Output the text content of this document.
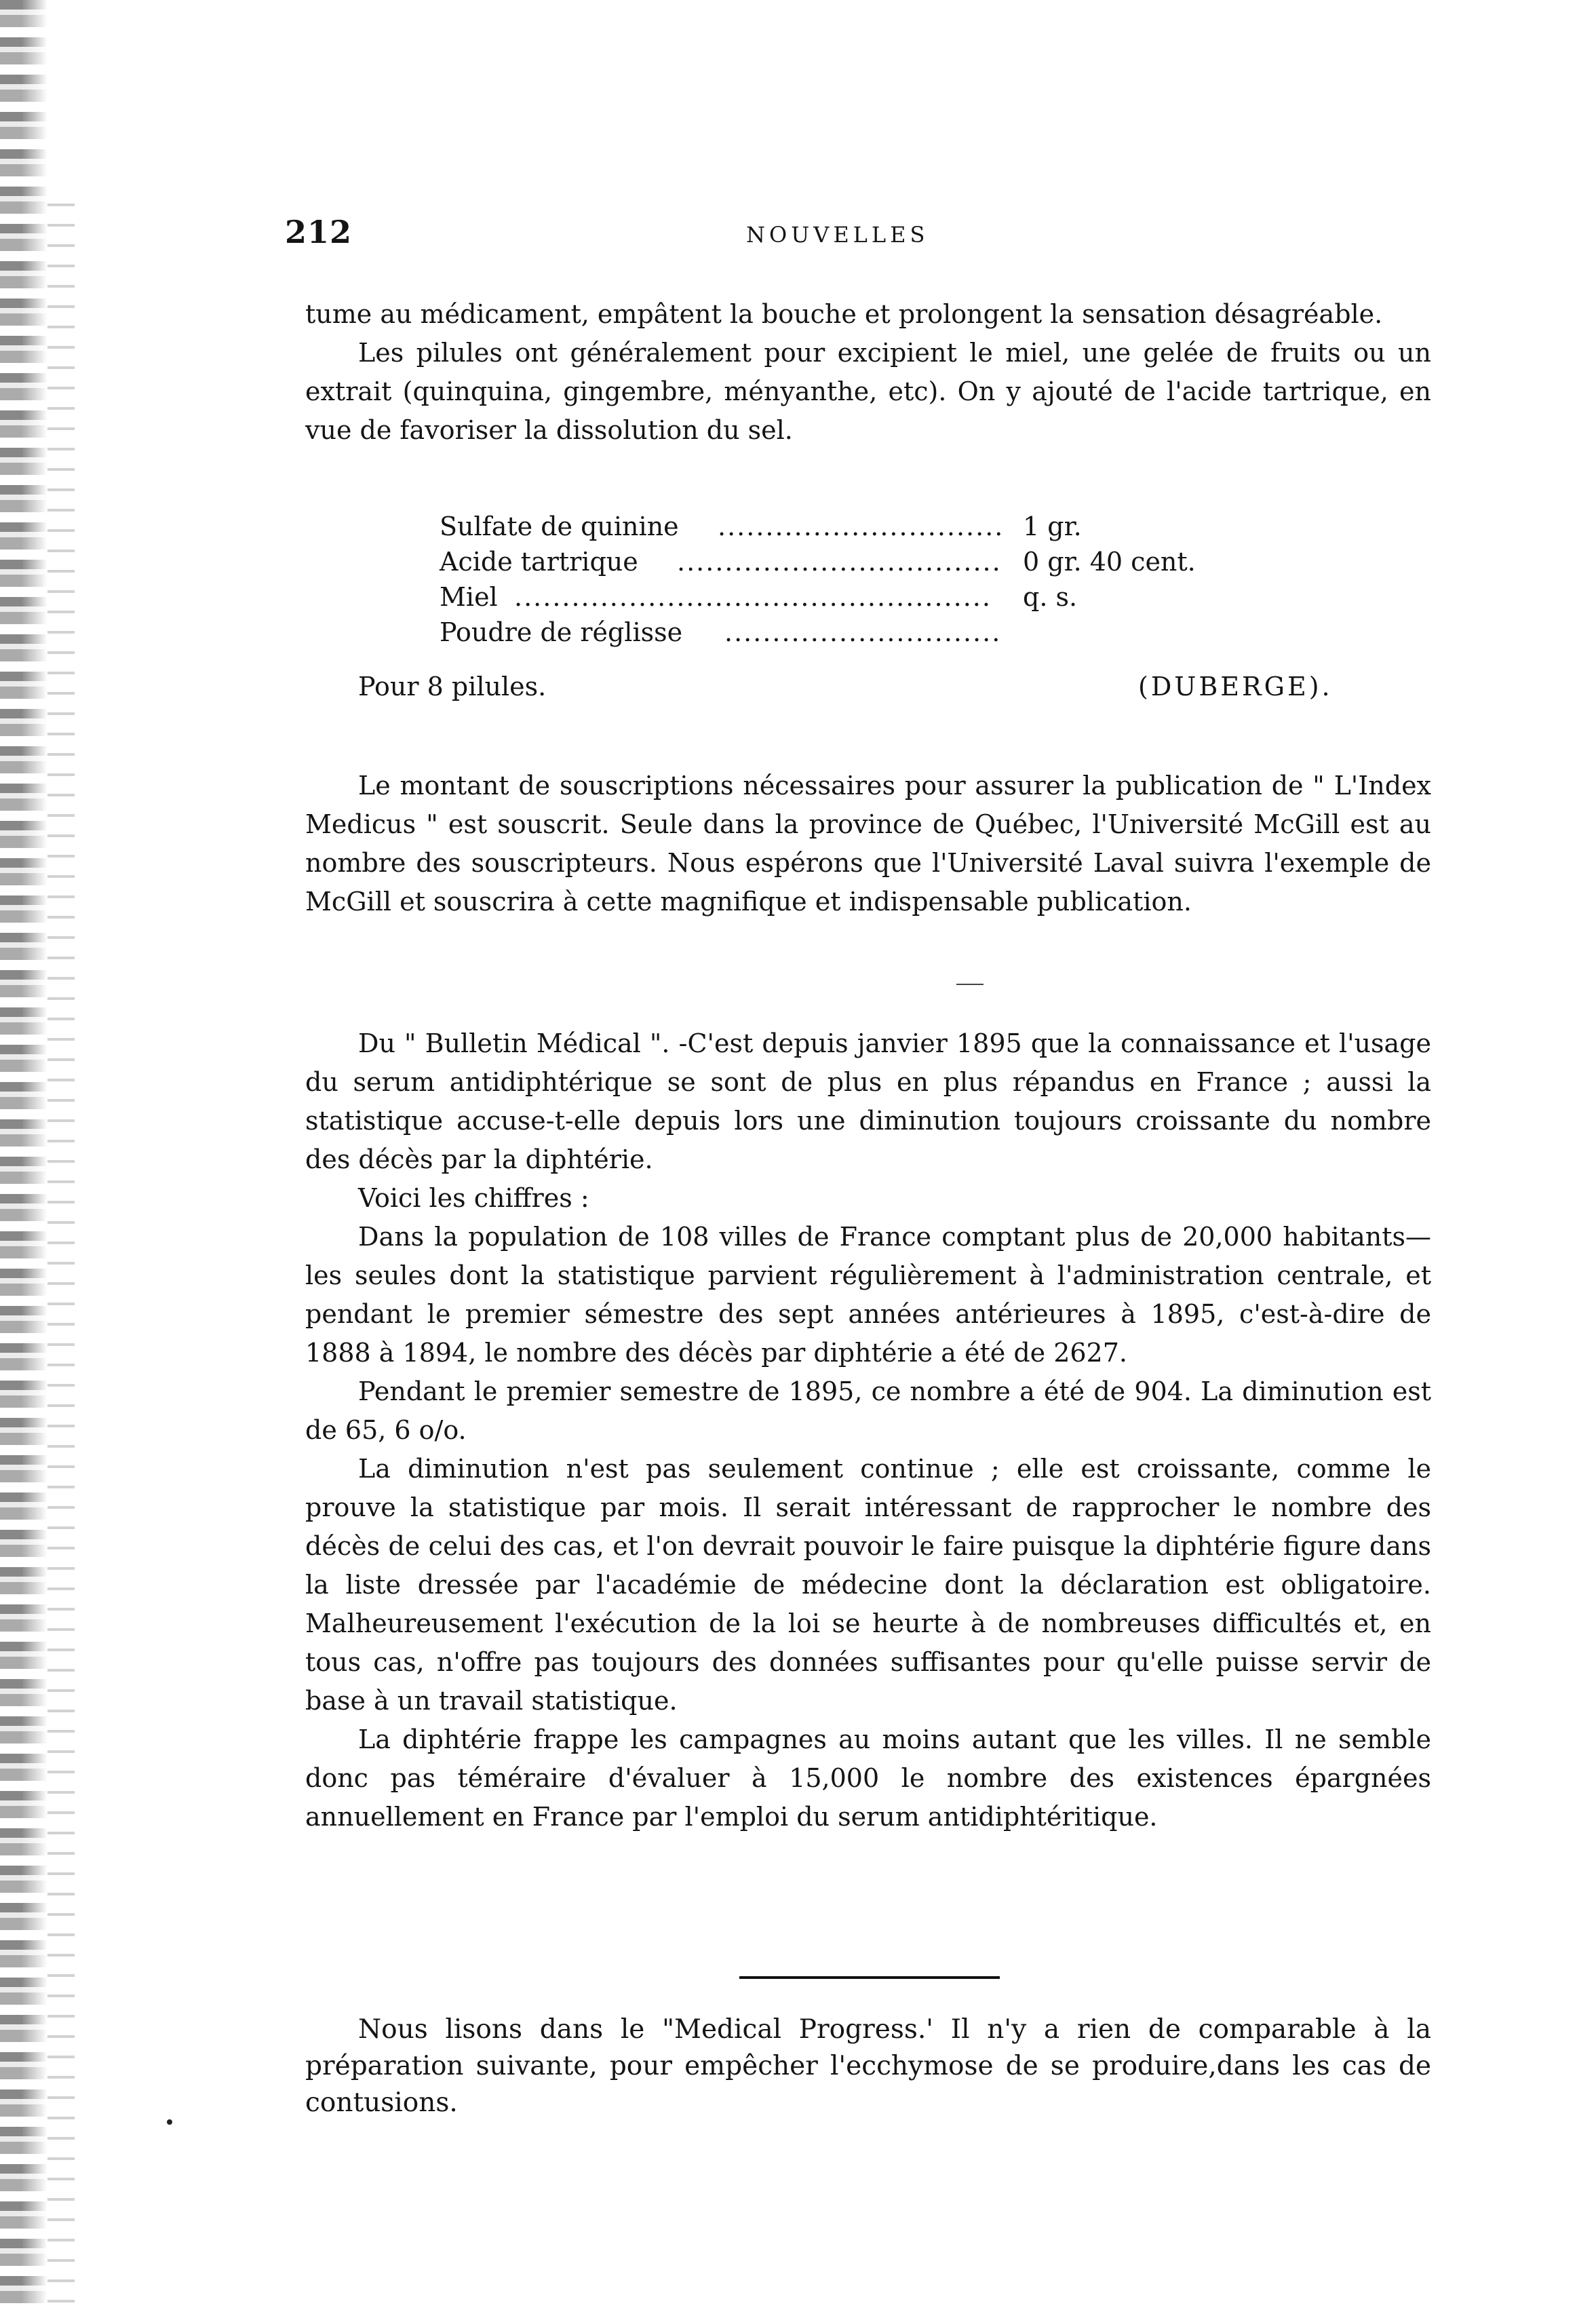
212	NOUVELLES

tume au médicament, empâtent la bouche et prolongent la sensation désagréable.

Les pilules ont généralement pour excipient le miel, une gelée de fruits ou un extrait (quinquina, gingembre, ményanthe, etc). On y ajouté de l'acide tartrique, en vue de favoriser la dissolution du sel.

Sulfate de quinine .............................. 1 gr.
Acide tartrique .................................. 0 gr. 40 cent.
Miel ..................................................	q. s.
Poudre de réglisse .............................
Pour 8 pilules.	(DUBERGE).

Le montant de souscriptions nécessaires pour assurer la publication de " L'Index Medicus " est souscrit. Seule dans la province de Québec, l'Université McGill est au nombre des souscripteurs. Nous espérons que l'Université Laval suivra l'exemple de McGill et souscrira à cette magnifique et indispensable publication.

Du " Bulletin Médical ". -C'est depuis janvier 1895 que la connaissance et l'usage du serum antidiphtérique se sont de plus en plus répandus en France ; aussi la statistique accuse-t-elle depuis lors une diminution toujours croissante du nombre des décès par la diphtérie.

Voici les chiffres :

Dans la population de 108 villes de France comptant plus de 20,000 habitants—les seules dont la statistique parvient régulièrement à l'administration centrale, et pendant le premier sémestre des sept années antérieures à 1895, c'est-à-dire de 1888 à 1894, le nombre des décès par diphtérie a été de 2627.

Pendant le premier semestre de 1895, ce nombre a été de 904. La diminution est de 65, 6 o/o.

La diminution n'est pas seulement continue ; elle est croissante, comme le prouve la statistique par mois. Il serait intéressant de rapprocher le nombre des décès de celui des cas, et l'on devrait pouvoir le faire puisque la diphtérie figure dans la liste dressée par l'académie de médecine dont la déclaration est obligatoire. Malheureusement l'exécution de la loi se heurte à de nombreuses difficultés et, en tous cas, n'offre pas toujours des données suffisantes pour qu'elle puisse servir de base à un travail statistique.

La diphtérie frappe les campagnes au moins autant que les villes. Il ne semble donc pas téméraire d'évaluer à 15,000 le nombre des existences épargnées annuellement en France par l'emploi du serum antidiphtéritique.

Nous lisons dans le "Medical Progress.' Il n'y a rien de comparable à la préparation suivante, pour empêcher l'ecchymose de se produire,dans les cas de contusions.
